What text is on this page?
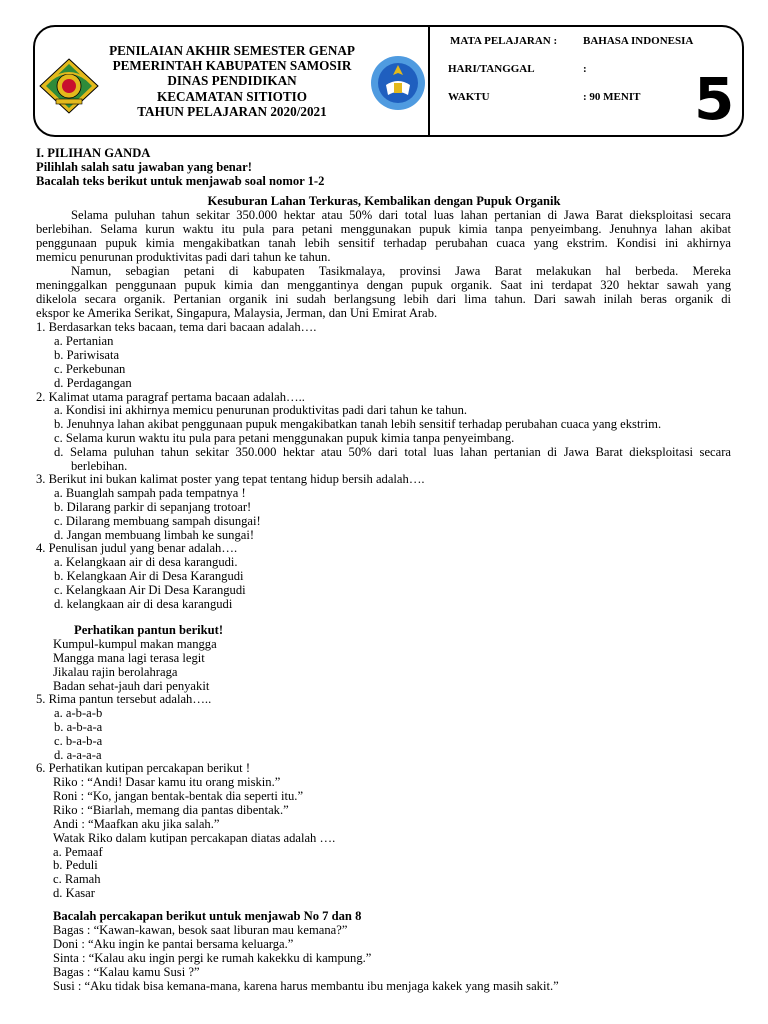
PENILAIAN AKHIR SEMESTER GENAP
PEMERINTAH KABUPATEN SAMOSIR
DINAS PENDIDIKAN
KECAMATAN SITIOTIO
TAHUN PELAJARAN 2020/2021
MATA PELAJARAN : BAHASA INDONESIA
HARI/TANGGAL	:
WAKTU	: 90 MENIT 5
I. PILIHAN GANDA
Pilihlah salah satu jawaban yang benar!
Bacalah teks berikut untuk menjawab soal nomor 1-2
Kesuburan Lahan Terkuras, Kembalikan dengan Pupuk Organik
Selama puluhan tahun sekitar 350.000 hektar atau 50% dari total luas lahan pertanian di Jawa Barat dieksploitasi secara
berlebihan. Selama kurun waktu itu pula para petani menggunakan pupuk kimia tanpa penyeimbang. Jenuhnya lahan akibat
penggunaan pupuk kimia mengakibatkan tanah lebih sensitif terhadap perubahan cuaca yang ekstrim. Kondisi ini akhirnya
memicu penurunan produktivitas padi dari tahun ke tahun.
Namun, sebagian petani di kabupaten Tasikmalaya, provinsi Jawa Barat melakukan hal berbeda. Mereka
meninggalkan penggunaan pupuk kimia dan menggantinya dengan pupuk organik. Saat ini terdapat 320 hektar sawah yang
dikelola secara organik. Pertanian organik ini sudah berlangsung lebih dari lima tahun. Dari sawah inilah beras organik di
ekspor ke Amerika Serikat, Singapura, Malaysia, Jerman, dan Uni Emirat Arab.
1. Berdasarkan teks bacaan, tema dari bacaan adalah….
a. Pertanian
b. Pariwisata
c. Perkebunan
d. Perdagangan
2. Kalimat utama paragraf pertama bacaan adalah…..
a. Kondisi ini akhirnya memicu penurunan produktivitas padi dari tahun ke tahun.
b. Jenuhnya lahan akibat penggunaan pupuk mengakibatkan tanah lebih sensitif terhadap perubahan cuaca yang ekstrim.
c. Selama kurun waktu itu pula para petani menggunakan pupuk kimia tanpa penyeimbang.
d. Selama puluhan tahun sekitar 350.000 hektar atau 50% dari total luas lahan pertanian di Jawa Barat dieksploitasi secara
berlebihan.
3. Berikut ini bukan kalimat poster yang tepat tentang hidup bersih adalah….
a. Buanglah sampah pada tempatnya !
b. Dilarang parkir di sepanjang trotoar!
c. Dilarang membuang sampah disungai!
d. Jangan membuang limbah ke sungai!
4. Penulisan judul yang benar adalah….
a. Kelangkaan air di desa karangudi.
b. Kelangkaan Air di Desa Karangudi
c. Kelangkaan Air Di Desa Karangudi
d. kelangkaan air di desa karangudi
Perhatikan pantun berikut!
Kumpul-kumpul makan mangga
Mangga mana lagi terasa legit
Jikalau rajin berolahraga
Badan sehat-jauh dari penyakit
5. Rima pantun tersebut adalah…..
a. a-b-a-b
b. a-b-a-a
c. b-a-b-a
d. a-a-a-a
6. Perhatikan kutipan percakapan berikut !
Riko : “Andi! Dasar kamu itu orang miskin.”
Roni : “Ko, jangan bentak-bentak dia seperti itu.”
Riko : “Biarlah, memang dia pantas dibentak.”
Andi : “Maafkan aku jika salah.”
Watak Riko dalam kutipan percakapan diatas adalah ….
a. Pemaaf
b. Peduli
c. Ramah
d. Kasar
Bacalah percakapan berikut untuk menjawab No 7 dan 8
Bagas : “Kawan-kawan, besok saat liburan mau kemana?”
Doni : “Aku ingin ke pantai bersama keluarga.”
Sinta : “Kalau aku ingin pergi ke rumah kakekku di kampung.”
Bagas : “Kalau kamu Susi ?”
Susi : “Aku tidak bisa kemana-mana, karena harus membantu ibu menjaga kakek yang masih sakit.”
